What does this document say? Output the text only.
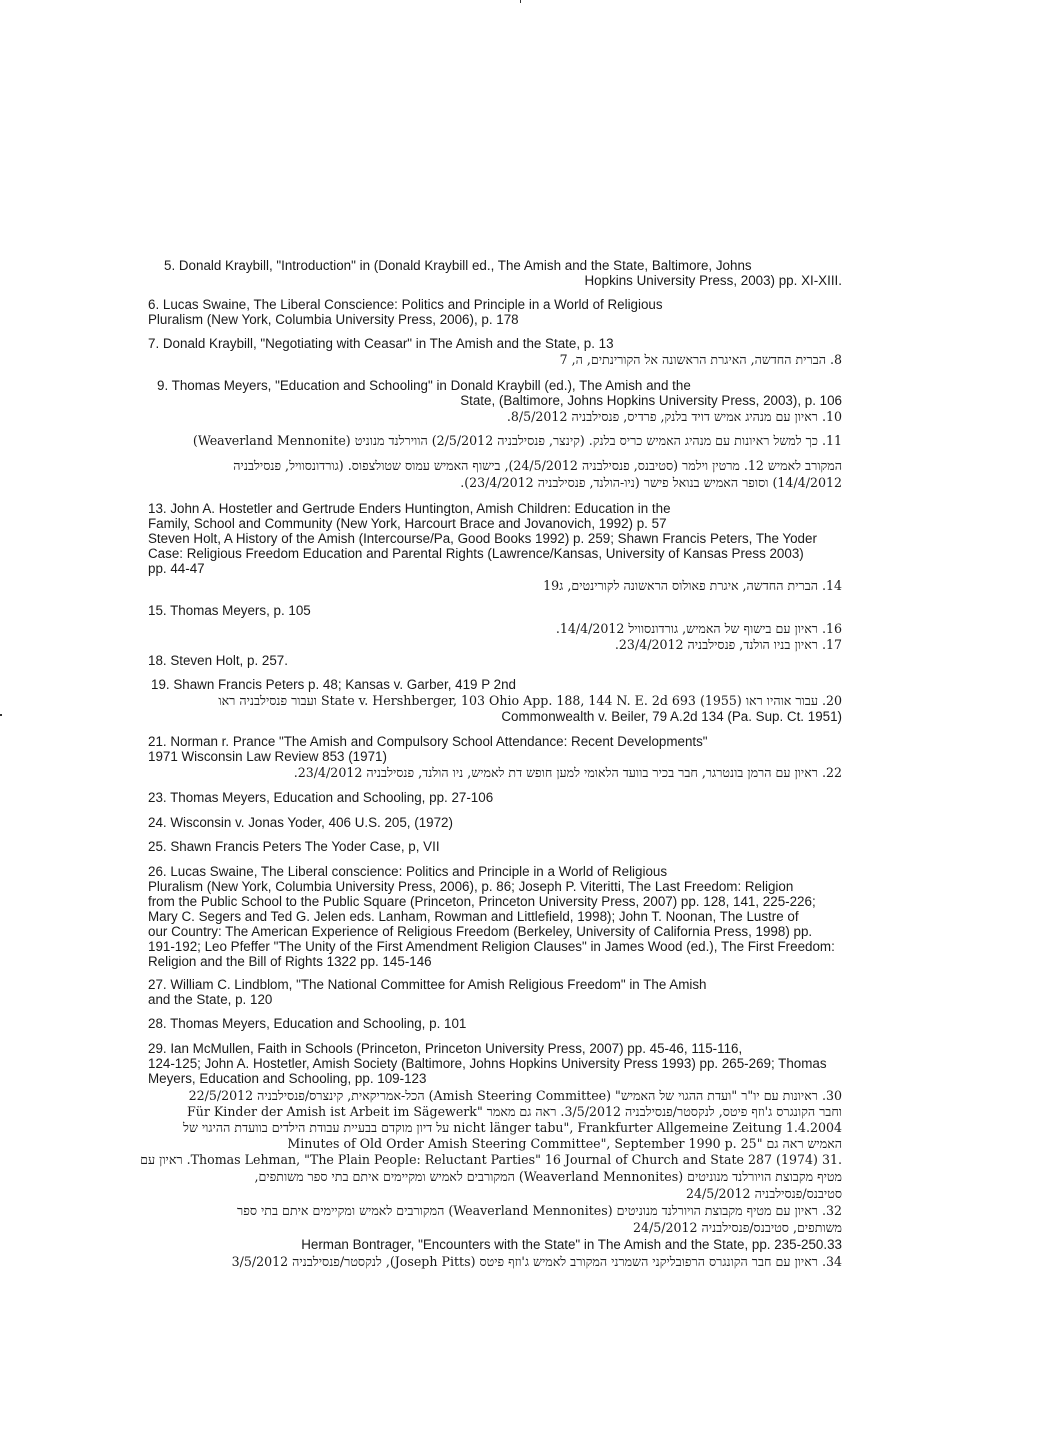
5. Donald Kraybill, "Introduction" in (Donald Kraybill ed., The Amish and the State, Baltimore, Johns
Hopkins University Press, 2003) pp. XI-XIII.
6. Lucas Swaine, The Liberal Conscience: Politics and Principle in a World of Religious
Pluralism (New York, Columbia University Press, 2006), p. 178
7. Donald Kraybill, "Negotiating with Ceasar" in The Amish and the State, p. 13
8. הברית החדשה, האיגרת הראשונה אל הקורינתים, ה, 7
9. Thomas Meyers, "Education and Schooling" in Donald Kraybill (ed.), The Amish and the
State, (Baltimore, Johns Hopkins University Press, 2003), p. 106
10. ראיון עם מנהיג אמיש דויד בלנק, פרדיס, פנסילבניה 8/5/2012.
11. כך למשל ראיונות עם מנהיג האמיש כריס בלנק. (קינצר, פנסילבניה 2/5/2012) הווירלנד מנוניט (Weaverland Mennonite)
המקורב לאמיש 12. מרטין וילמר (סטיבנס, פנסילבניה 24/5/2012), בישוף האמיש עמוס שטולצפוס. (גורדונסוויל, פנסילבניה
14/4/2012) וסופר האמיש בנואל פישר (ניו-הולנד, פנסילבניה 23/4/2012).
13. John A. Hostetler and Gertrude Enders Huntington, Amish Children: Education in the
Family, School and Community (New York, Harcourt Brace and Jovanovich, 1992) p. 57
Steven Holt, A History of the Amish (Intercourse/Pa, Good Books 1992) p. 259; Shawn Francis Peters, The Yoder
Case: Religious Freedom Education and Parental Rights (Lawrence/Kansas, University of Kansas Press 2003)
pp. 44-47
14. הברית החדשה, איגרת פאולוס הראשונה לקורינטים, ג19
15. Thomas Meyers, p. 105
16. ראיון עם בישוף של האמיש, גורדונסוויל 14/4/2012.
17. ראיון בניו הולנד, פנסילבניה 23/4/2012.
18. Steven Holt, p. 257.
19. Shawn Francis Peters p. 48; Kansas v. Garber, 419 P 2nd
20. עבור אוהיו ראו State v. Hershberger, 103 Ohio App. 188, 144 N. E. 2d 693 (1955) ועבור פנסילבניה ראו
Commonwealth v. Beiler, 79 A.2d 134 (Pa. Sup. Ct. 1951)
21. Norman r. Prance "The Amish and Compulsory School Attendance: Recent Developments"
1971 Wisconsin Law Review 853 (1971)
22. ראיון עם הרמן בונטרגר, חבר בכיר בוועד הלאומי למען חופש דת לאמיש, ניו הולנד, פנסילבניה 23/4/2012.
23. Thomas Meyers, Education and Schooling, pp. 27-106
24. Wisconsin v. Jonas Yoder, 406 U.S. 205, (1972)
25. Shawn Francis Peters The Yoder Case, p, VII
26. Lucas Swaine, The Liberal conscience: Politics and Principle in a World of Religious
Pluralism (New York, Columbia University Press, 2006), p. 86; Joseph P. Viteritti, The Last Freedom: Religion
from the Public School to the Public Square (Princeton, Princeton University Press, 2007) pp. 128, 141, 225-226;
Mary C. Segers and Ted G. Jelen eds. Lanham, Rowman and Littlefield, 1998); John T. Noonan, The Lustre of
our Country: The American Experience of Religious Freedom (Berkeley, University of California Press, 1998) pp.
191-192; Leo Pfeffer "The Unity of the First Amendment Religion Clauses" in James Wood (ed.), The First Freedom:
Religion and the Bill of Rights 1322 pp. 145-146
27. William C. Lindblom, "The National Committee for Amish Religious Freedom" in The Amish
and the State, p. 120
28. Thomas Meyers, Education and Schooling, p. 101
29. Ian McMullen, Faith in Schools (Princeton, Princeton University Press, 2007) pp. 45-46, 115-116,
124-125; John A. Hostetler, Amish Society (Baltimore, Johns Hopkins University Press 1993) pp. 265-269; Thomas
Meyers, Education and Schooling, pp. 109-123
30. ראיונות עם יו"ר "ועדת ההגוי של האמיש" (Amish Steering Committee) הכל-אמריקאית, קינצרס/פנסילבניה 22/5/2012
וחבר הקונגרס ג'וזף פיטס, לנקסטר/פנסילבניה 3/5/2012. ראה גם מאמר "Für Kinder der Amish ist Arbeit im Sägewerk
nicht länger tabu", Frankfurter Allgemeine Zeitung 1.4.2004 על דיון מוקדם בבעיית עבודת הילדים בוועדת ההיגוי של
האמיש ראה גם "Minutes of Old Order Amish Steering Committee", September 1990 p. 25
.31 Thomas Lehman, "The Plain People: Reluctant Parties" 16 Journal of Church and State 287 (1974). ראיון עם
מטיף מקבוצת הויורלנד מנוניטים (Weaverland Mennonites) המקורבים לאמיש ומקיימים איתם בתי ספר משותפים,
סטיבנס/פנסילבניה 24/5/2012
32. ראיון עם מטיף מקבוצת הויורלנד מנוניטים (Weaverland Mennonites) המקורבים לאמיש ומקיימים איתם בתי ספר
משותפים, סטיבנס/פנסילבניה 24/5/2012
Herman Bontrager, "Encounters with the State" in The Amish and the State, pp. 235-250.33
34. ראיון עם חבר הקונגרס הרפובליקני השמרני המקורב לאמיש ג'וזף פיטס (Joseph Pitts), לנקסטר/פנסילבניה 3/5/2012
